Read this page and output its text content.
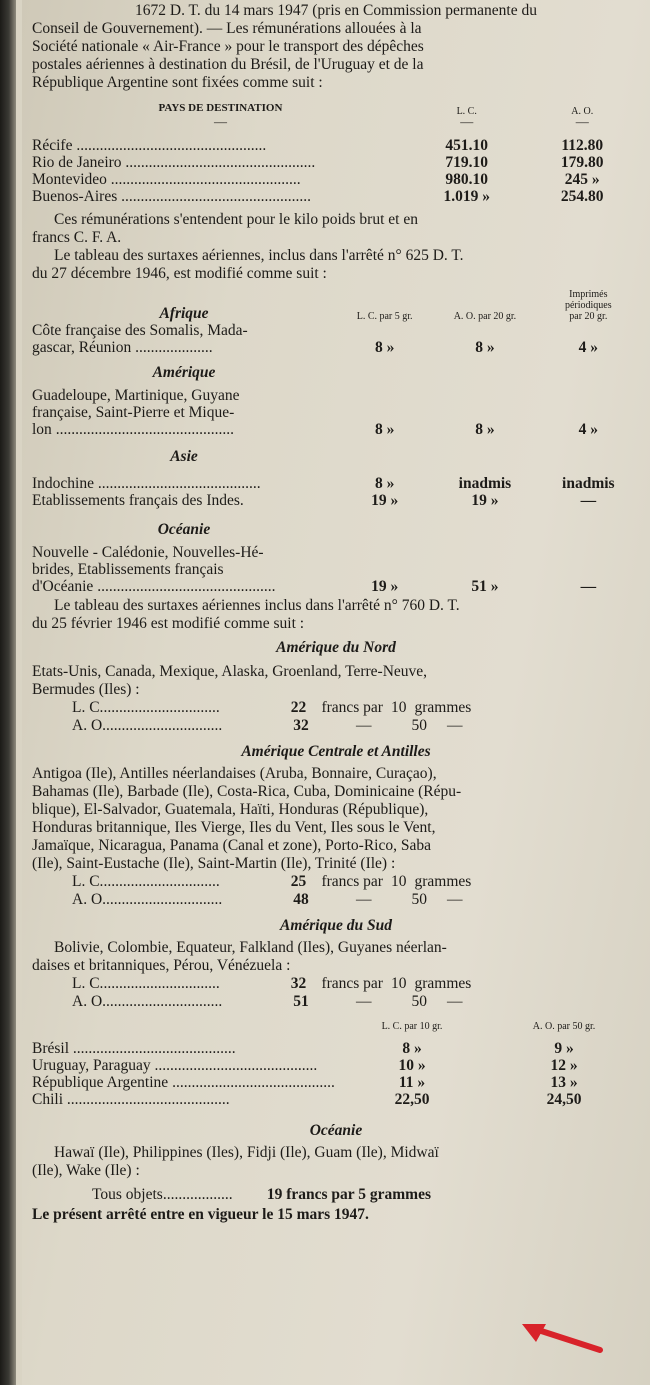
1672 D. T. du 14 mars 1947 (pris en Commission permanente du

Conseil de Gouvernement). — Les rémunérations allouées à la

Société nationale « Air-France » pour le transport des dépêches

postales aériennes à destination du Brésil, de l'Uruguay et de la

République Argentine sont fixées comme suit :

PAYS DE DESTINATION	L. C.	A. O.
—	—	—

Récife .................................................	451.10	112.80
Rio de Janeiro .................................................	719.10	179.80
Montevideo .................................................	980.10	245 »
Buenos-Aires .................................................	1.019 »	254.80

Ces rémunérations s'entendent pour le kilo poids brut et en

francs C. F. A.

Le tableau des surtaxes aériennes, inclus dans l'arrêté n° 625 D. T.

du 27 décembre 1946, est modifié comme suit :

Afrique	L. C. par 5 gr.	A. O. par 20 gr.	Imprimés
périodiques
par 20 gr.

Côte française des Somalis, Mada-
gascar, Réunion ....................	8 »	8 »	4 »
Amérique			

Guadeloupe, Martinique, Guyane
française, Saint-Pierre et Mique-
lon ..............................................	8 »	8 »	4 »
Asie			
Indochine ..........................................	8 »	inadmis	inadmis
Etablissements français des Indes.	19 »	19 »	—
Océanie			

Nouvelle - Calédonie, Nouvelles-Hé-
brides, Etablissements français
d'Océanie ..............................................	19 »	51 »	—

Le tableau des surtaxes aériennes inclus dans l'arrêté n° 760 D. T.

du 25 février 1946 est modifié comme suit :

Amérique du Nord

Etats-Unis, Canada, Mexique, Alaska, Groenland, Terre-Neuve,

Bermudes (Iles) :

L. C. ..............................	22 francs par 10 grammes
A. O. ..............................	32	—	50	—
Amérique Centrale et Antilles

Antigoa (Ile), Antilles néerlandaises (Aruba, Bonnaire, Curaçao),

Bahamas (Ile), Barbade (Ile), Costa-Rica, Cuba, Dominicaine (Répu-

blique), El-Salvador, Guatemala, Haïti, Honduras (République),

Honduras britannique, Iles Vierge, Iles du Vent, Iles sous le Vent,

Jamaïque, Nicaragua, Panama (Canal et zone), Porto-Rico, Saba

(Ile), Saint-Eustache (Ile), Saint-Martin (Ile), Trinité (Ile) :

L. C. ..............................	25 francs par 10 grammes
A. O. ..............................	48	—	50	—
Amérique du Sud

Bolivie, Colombie, Equateur, Falkland (Iles), Guyanes néerlan-

daises et britanniques, Pérou, Vénézuela :

L. C. ..............................	32 francs par 10 grammes
A. O. ..............................	51	—	50	—
	L. C. par 10 gr.	A. O. par 50 gr.

Brésil ..........................................	8 »	9 »
Uruguay, Paraguay ..........................................	10 »	12 »
République Argentine ..........................................	11 »	13 »
Chili ..........................................	22,50	24,50
Océanie

Hawaï (Ile), Philippines (Iles), Fidji (Ile), Guam (Ile), Midwaï

(Ile), Wake (Ile) :

Tous objets ..................	19 francs par 5 grammes

Le présent arrêté entre en vigueur le 15 mars 1947.
